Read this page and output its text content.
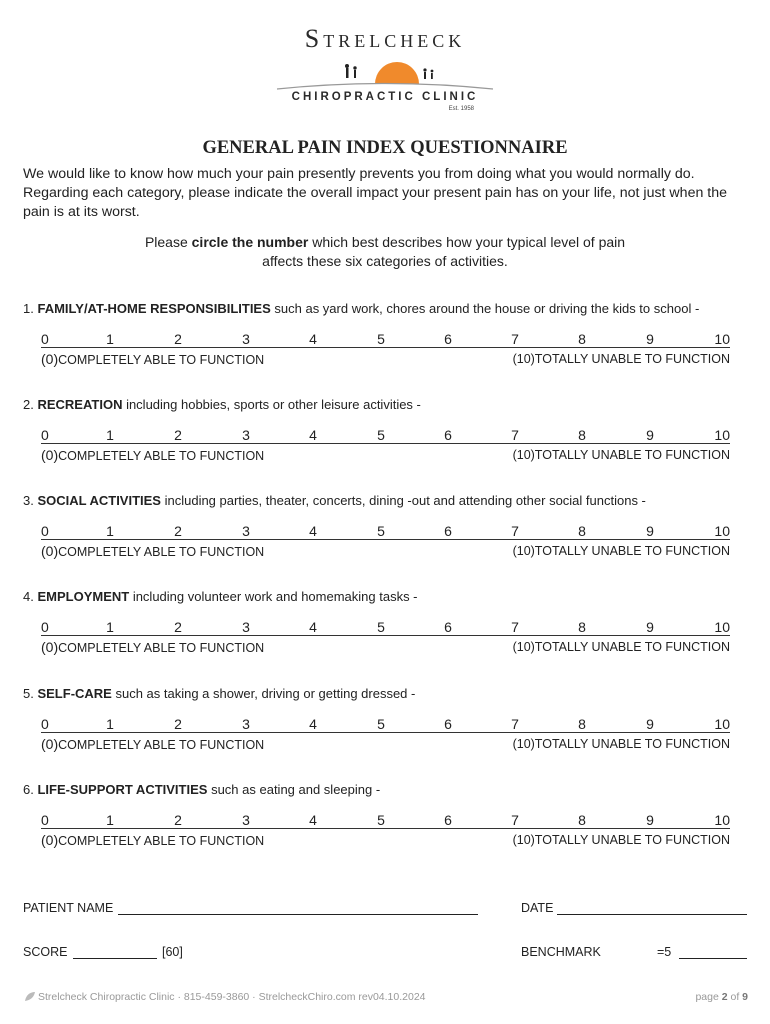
Strelcheck
CHIROPRACTIC CLINIC
Est. 1958
GENERAL PAIN INDEX QUESTIONNAIRE
We would like to know how much your pain presently prevents you from doing what you would normally do. Regarding each category, please indicate the overall impact your present pain has on your life, not just when the pain is at its worst.
Please circle the number which best describes how your typical level of pain
affects these six categories of activities.
1. FAMILY/AT-HOME RESPONSIBILITIES such as yard work, chores around the house or driving the kids to school -
0	1	2	3	4	5	6	7	8	9	10
(0)COMPLETELY ABLE TO FUNCTION	(10)TOTALLY UNABLE TO FUNCTION
2. RECREATION including hobbies, sports or other leisure activities -
0	1	2	3	4	5	6	7	8	9	10
(0)COMPLETELY ABLE TO FUNCTION	(10)TOTALLY UNABLE TO FUNCTION
3. SOCIAL ACTIVITIES including parties, theater, concerts, dining -out and attending other social functions -
0	1	2	3	4	5	6	7	8	9	10
(0)COMPLETELY ABLE TO FUNCTION	(10)TOTALLY UNABLE TO FUNCTION
4. EMPLOYMENT including volunteer work and homemaking tasks -
0	1	2	3	4	5	6	7	8	9	10
(0)COMPLETELY ABLE TO FUNCTION	(10)TOTALLY UNABLE TO FUNCTION
5. SELF-CARE such as taking a shower, driving or getting dressed -
0	1	2	3	4	5	6	7	8	9	10
(0)COMPLETELY ABLE TO FUNCTION	(10)TOTALLY UNABLE TO FUNCTION
6. LIFE-SUPPORT ACTIVITIES such as eating and sleeping -
0	1	2	3	4	5	6	7	8	9	10
(0)COMPLETELY ABLE TO FUNCTION	(10)TOTALLY UNABLE TO FUNCTION
PATIENT NAME	DATE
SCORE	[60]	BENCHMARK	=5
Strelcheck Chiropractic Clinic · 815-459-3860 · StrelcheckChiro.com rev04.10.2024	page 2 of 9
